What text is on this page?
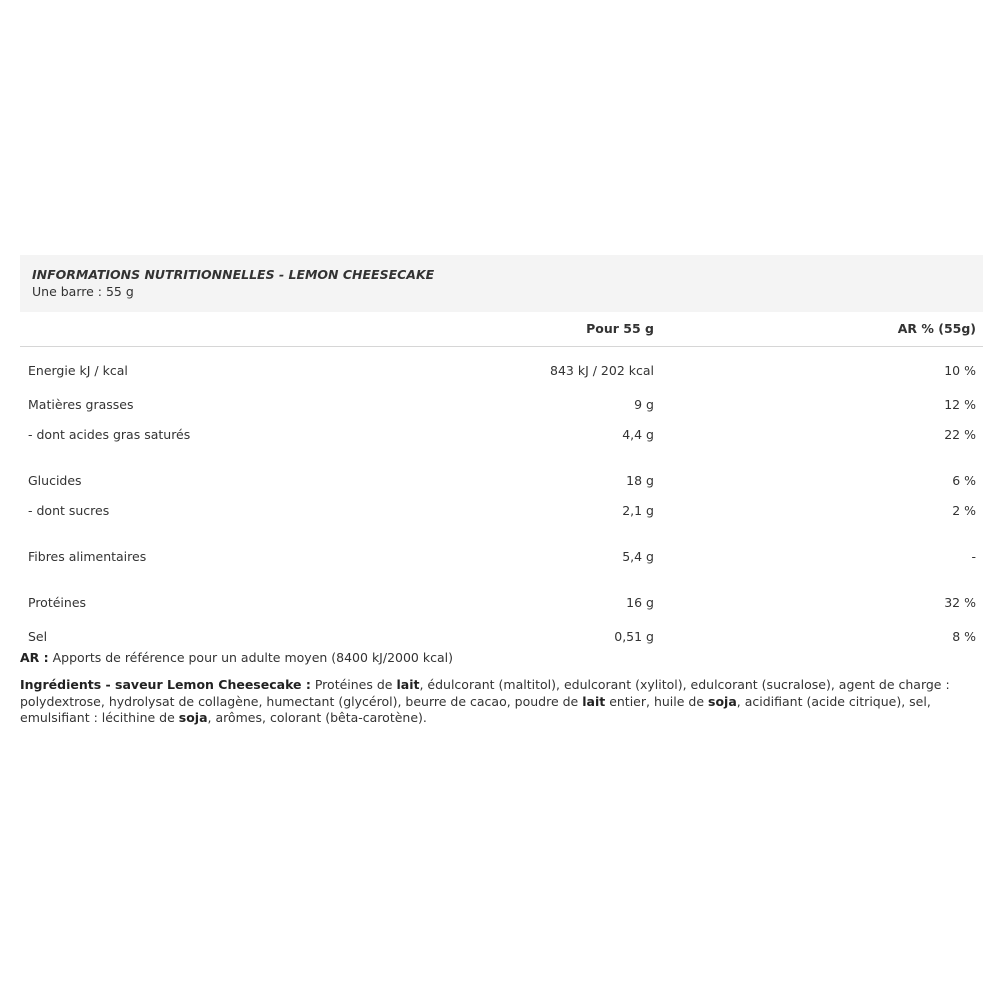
INFORMATIONS NUTRITIONNELLES - LEMON CHEESECAKE
Une barre : 55 g
Pour 55 g	AR % (55g)
Energie kJ / kcal	843 kJ / 202 kcal	10 %
Matières grasses	9 g	12 %
- dont acides gras saturés	4,4 g	22 %
Glucides	18 g	6 %
- dont sucres	2,1 g	2 %
Fibres alimentaires	5,4 g	-
Protéines	16 g	32 %
Sel	0,51 g	8 %
AR : Apports de référence pour un adulte moyen (8400 kJ/2000 kcal)
Ingrédients - saveur Lemon Cheesecake : Protéines de lait, édulcorant (maltitol), edulcorant (xylitol), edulcorant (sucralose), agent de charge : polydextrose, hydrolysat de collagène, humectant (glycérol), beurre de cacao, poudre de lait entier, huile de soja, acidifiant (acide citrique), sel, emulsifiant : lécithine de soja, arômes, colorant (bêta-carotène).
